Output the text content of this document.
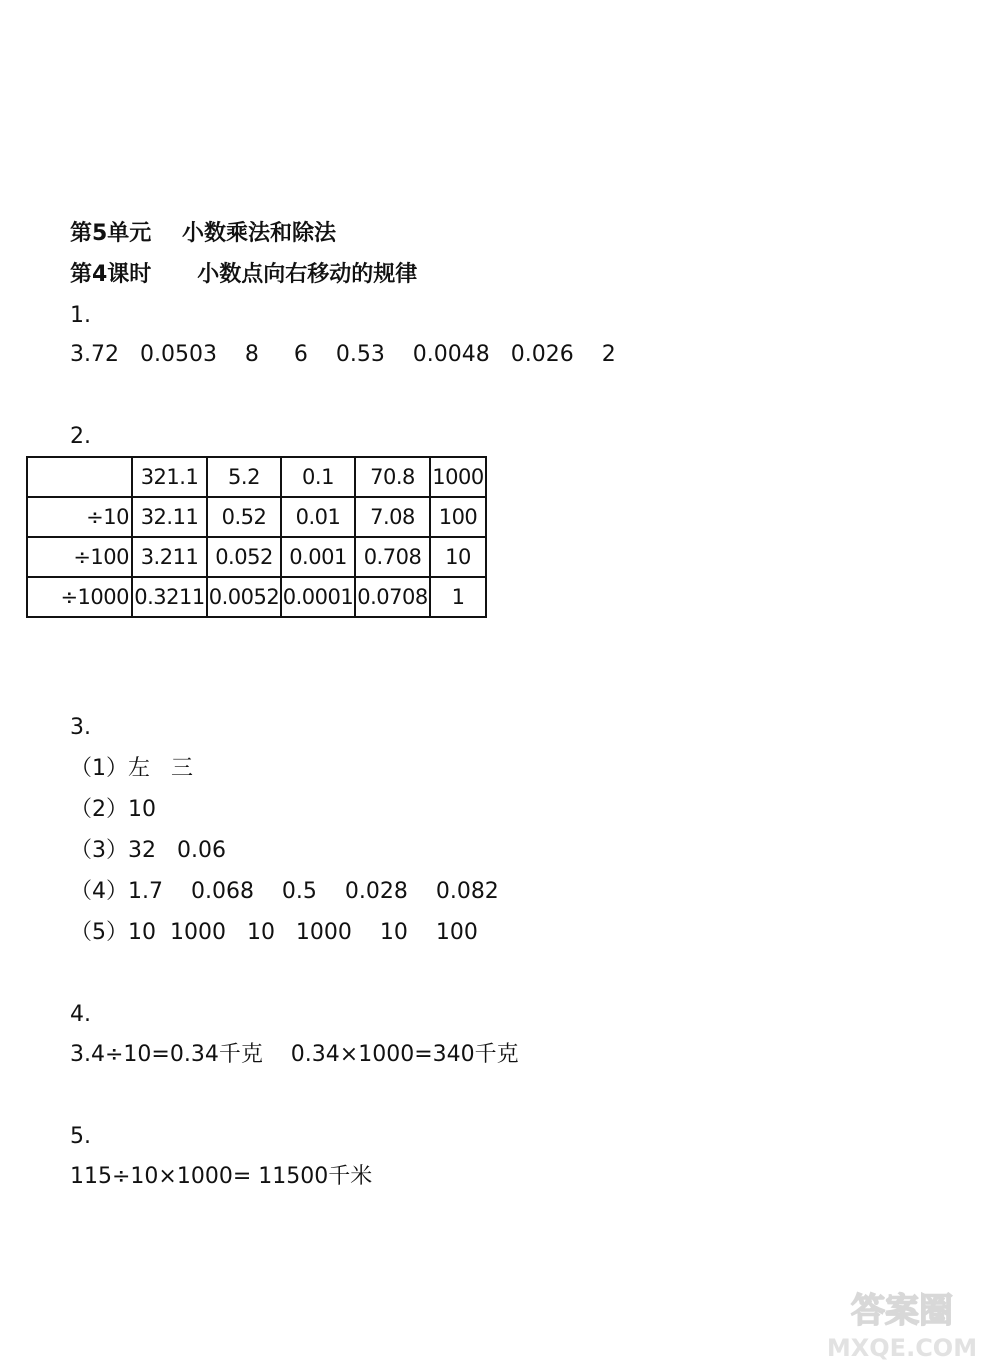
第5单元    小数乘法和除法
第4课时      小数点向右移动的规律
1.
3.72   0.0503    8     6    0.53    0.0048   0.026    2
2.
	321.1	5.2	0.1	70.8	1000
÷10	32.11	0.52	0.01	7.08	100
÷100	3.211	0.052	0.001	0.708	10
÷1000	0.3211	0.0052	0.0001	0.0708	1
3.
（1）左   三
（2）10
（3）32   0.06
（4）1.7    0.068    0.5    0.028    0.082
（5）10  1000   10   1000    10    100
4.
3.4÷10=0.34千克    0.34×1000=340千克
5.
115÷10×1000= 11500千米
答案圈
MXQE.COM
